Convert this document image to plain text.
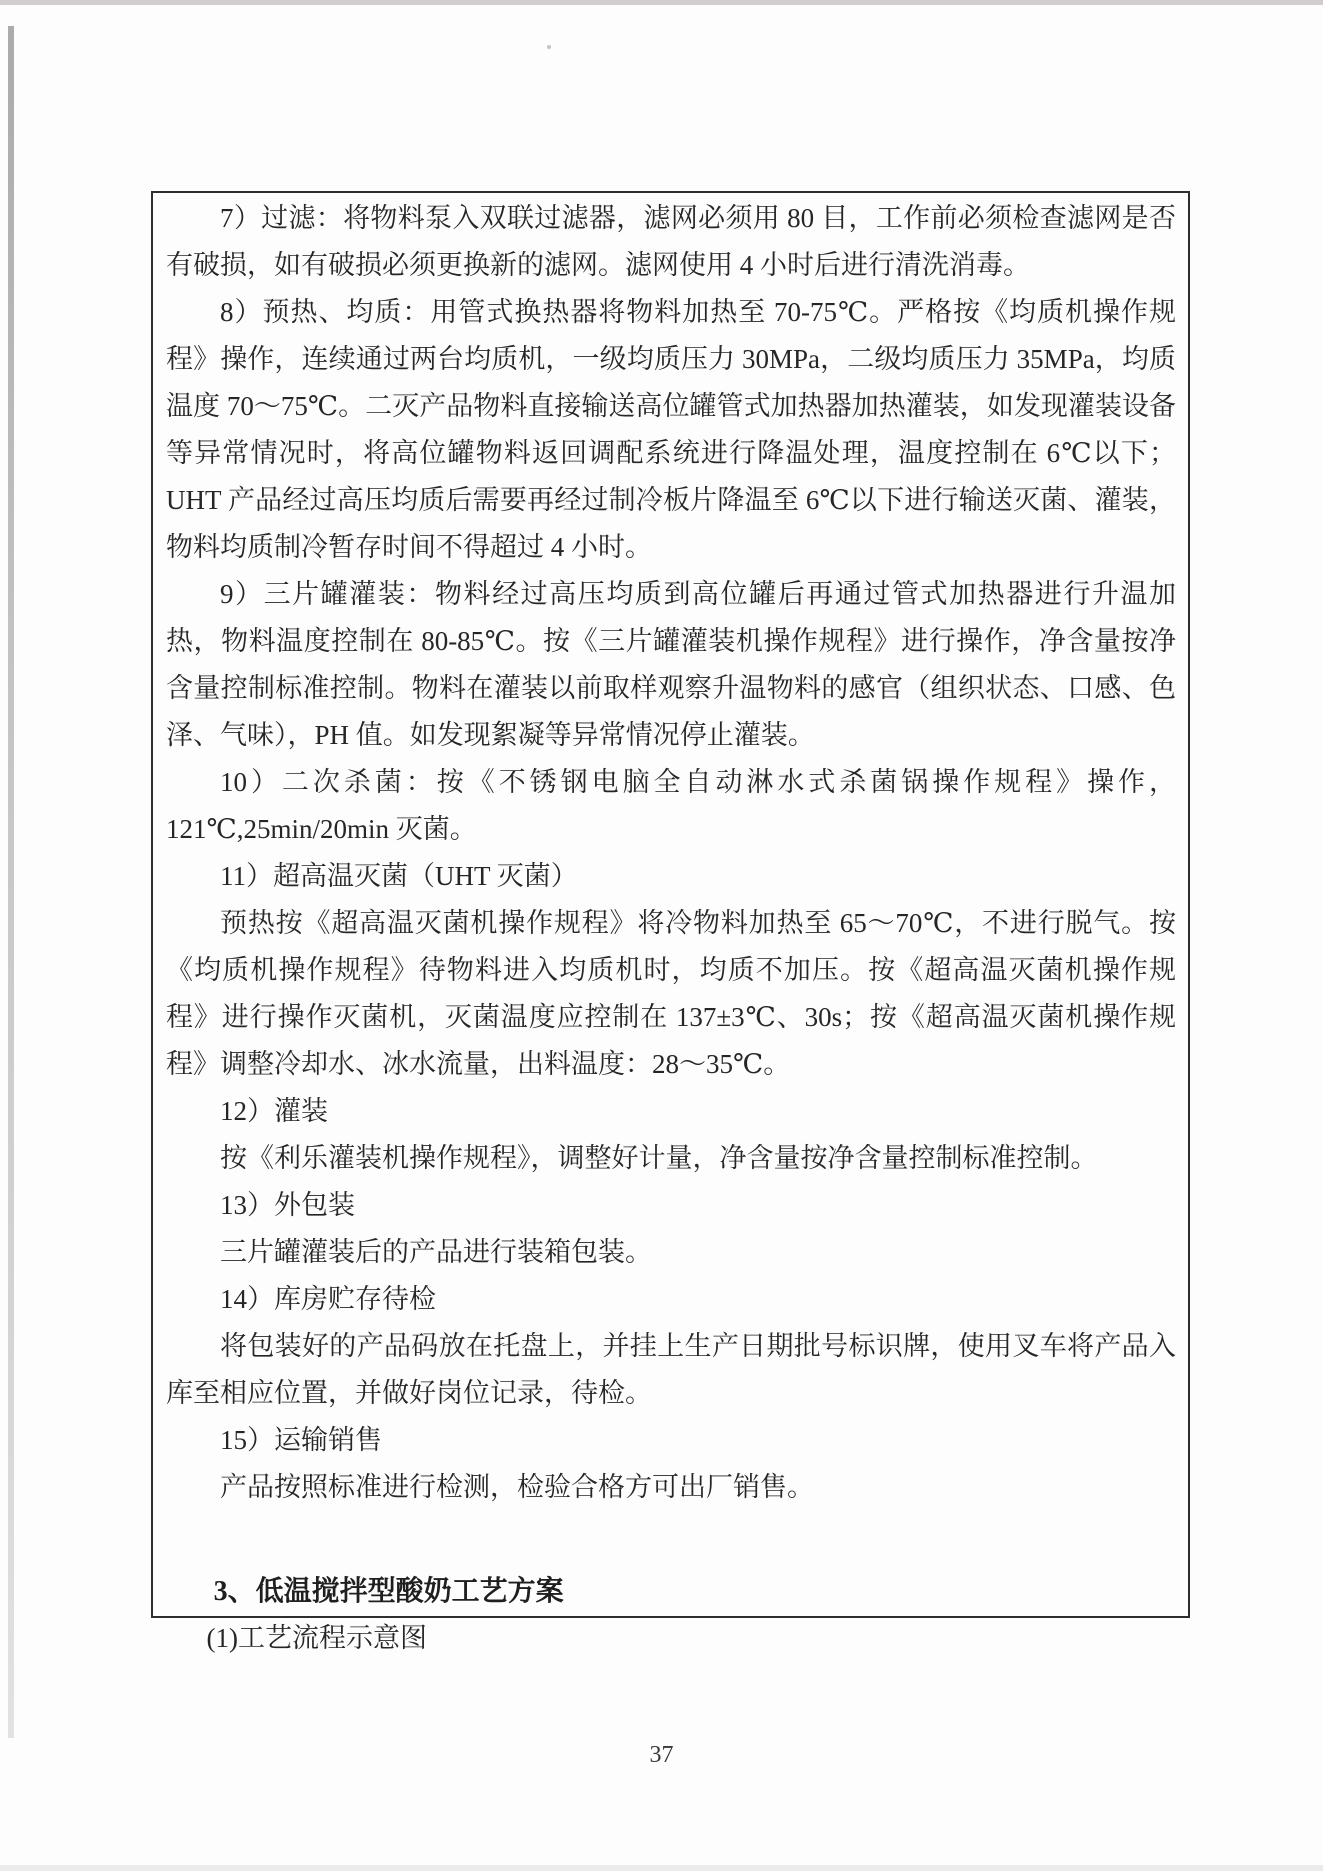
7）过滤：将物料泵入双联过滤器，滤网必须用 80 目，工作前必须检查滤网是否有破损，如有破损必须更换新的滤网。滤网使用 4 小时后进行清洗消毒。

8）预热、均质：用管式换热器将物料加热至 70-75℃。严格按《均质机操作规程》操作，连续通过两台均质机，一级均质压力 30MPa，二级均质压力 35MPa，均质温度 70～75℃。二灭产品物料直接输送高位罐管式加热器加热灌装，如发现灌装设备等异常情况时，将高位罐物料返回调配系统进行降温处理，温度控制在 6℃以下；UHT 产品经过高压均质后需要再经过制冷板片降温至 6℃以下进行输送灭菌、灌装，物料均质制冷暂存时间不得超过 4 小时。

9）三片罐灌装：物料经过高压均质到高位罐后再通过管式加热器进行升温加热，物料温度控制在 80-85℃。按《三片罐灌装机操作规程》进行操作，净含量按净含量控制标准控制。物料在灌装以前取样观察升温物料的感官（组织状态、口感、色泽、气味），PH 值。如发现絮凝等异常情况停止灌装。

10）二次杀菌：按《不锈钢电脑全自动淋水式杀菌锅操作规程》操作，121℃,25min/20min 灭菌。

11）超高温灭菌（UHT 灭菌）

预热按《超高温灭菌机操作规程》将冷物料加热至 65～70℃，不进行脱气。按《均质机操作规程》待物料进入均质机时，均质不加压。按《超高温灭菌机操作规程》进行操作灭菌机，灭菌温度应控制在 137±3℃、30s；按《超高温灭菌机操作规程》调整冷却水、冰水流量，出料温度：28～35℃。

12）灌装

按《利乐灌装机操作规程》，调整好计量，净含量按净含量控制标准控制。

13）外包装

三片罐灌装后的产品进行装箱包装。

14）库房贮存待检

将包装好的产品码放在托盘上，并挂上生产日期批号标识牌，使用叉车将产品入库至相应位置，并做好岗位记录，待检。

15）运输销售

产品按照标准进行检测，检验合格方可出厂销售。

3、低温搅拌型酸奶工艺方案

(1)工艺流程示意图

37
